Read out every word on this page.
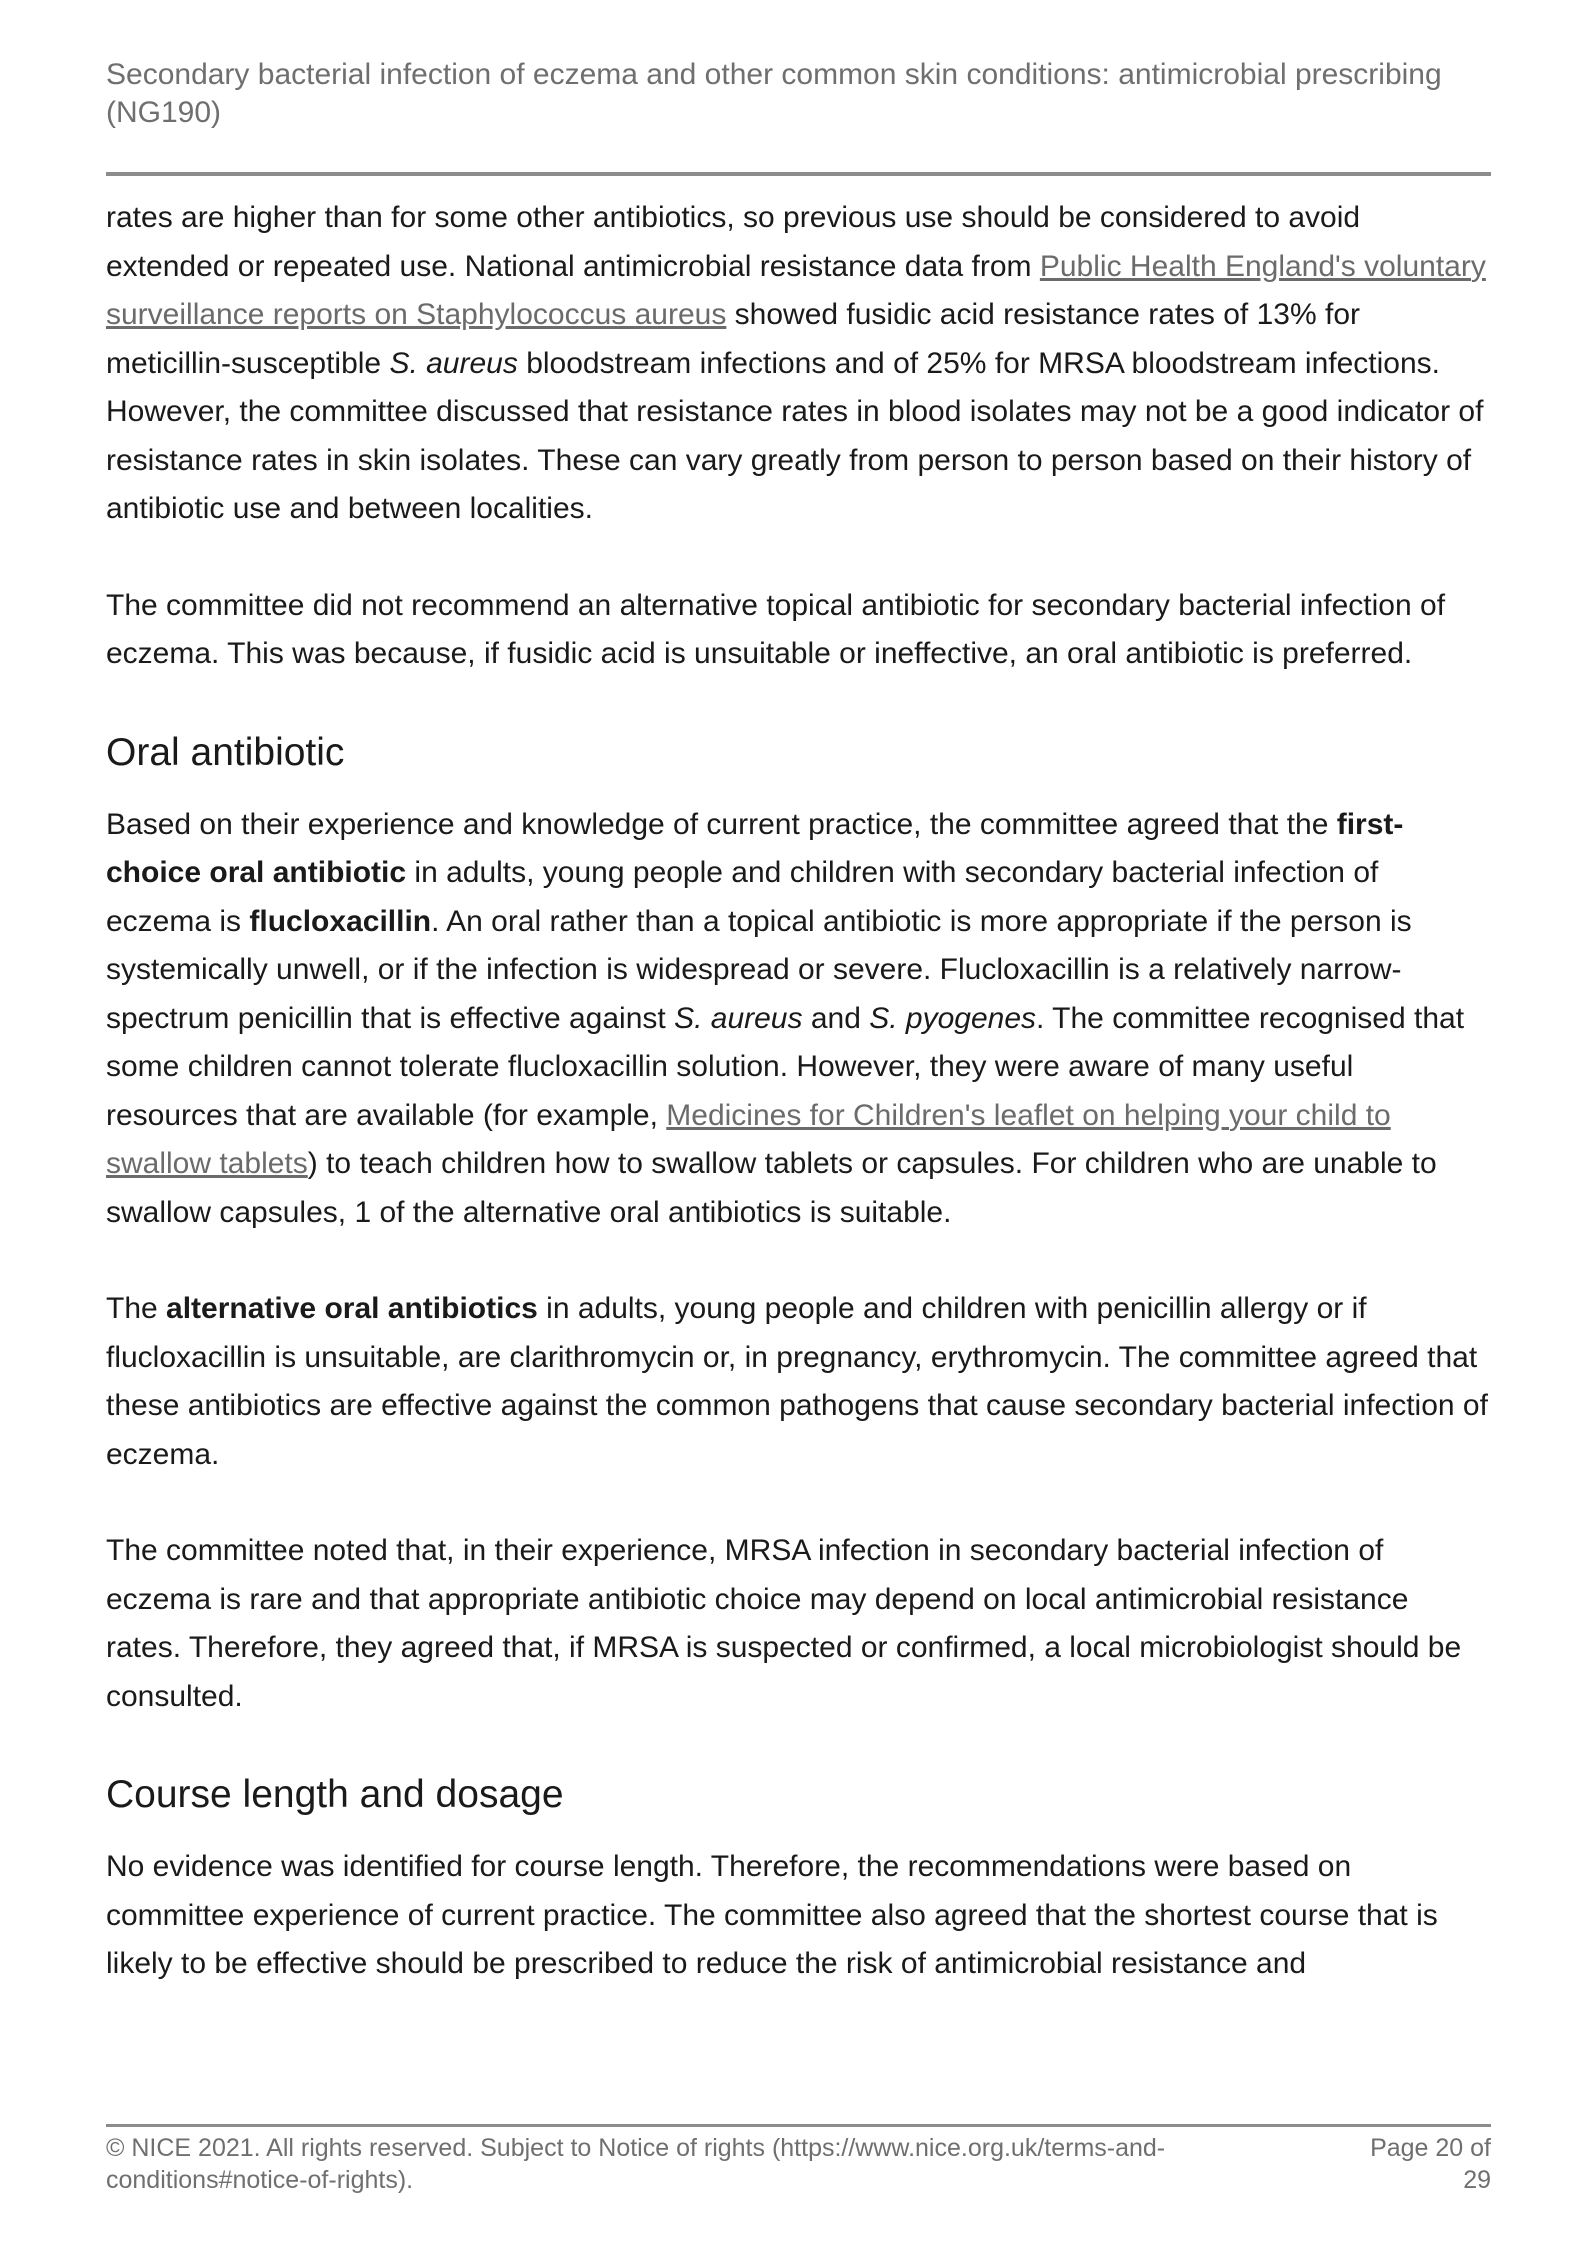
Secondary bacterial infection of eczema and other common skin conditions: antimicrobial prescribing (NG190)

rates are higher than for some other antibiotics, so previous use should be considered to avoid extended or repeated use. National antimicrobial resistance data from Public Health England's voluntary surveillance reports on Staphylococcus aureus showed fusidic acid resistance rates of 13% for meticillin-susceptible S. aureus bloodstream infections and of 25% for MRSA bloodstream infections. However, the committee discussed that resistance rates in blood isolates may not be a good indicator of resistance rates in skin isolates. These can vary greatly from person to person based on their history of antibiotic use and between localities.

The committee did not recommend an alternative topical antibiotic for secondary bacterial infection of eczema. This was because, if fusidic acid is unsuitable or ineffective, an oral antibiotic is preferred.

Oral antibiotic

Based on their experience and knowledge of current practice, the committee agreed that the first-choice oral antibiotic in adults, young people and children with secondary bacterial infection of eczema is flucloxacillin. An oral rather than a topical antibiotic is more appropriate if the person is systemically unwell, or if the infection is widespread or severe. Flucloxacillin is a relatively narrow-spectrum penicillin that is effective against S. aureus and S. pyogenes. The committee recognised that some children cannot tolerate flucloxacillin solution. However, they were aware of many useful resources that are available (for example, Medicines for Children's leaflet on helping your child to swallow tablets) to teach children how to swallow tablets or capsules. For children who are unable to swallow capsules, 1 of the alternative oral antibiotics is suitable.

The alternative oral antibiotics in adults, young people and children with penicillin allergy or if flucloxacillin is unsuitable, are clarithromycin or, in pregnancy, erythromycin. The committee agreed that these antibiotics are effective against the common pathogens that cause secondary bacterial infection of eczema.

The committee noted that, in their experience, MRSA infection in secondary bacterial infection of eczema is rare and that appropriate antibiotic choice may depend on local antimicrobial resistance rates. Therefore, they agreed that, if MRSA is suspected or confirmed, a local microbiologist should be consulted.

Course length and dosage

No evidence was identified for course length. Therefore, the recommendations were based on committee experience of current practice. The committee also agreed that the shortest course that is likely to be effective should be prescribed to reduce the risk of antimicrobial resistance and

© NICE 2021. All rights reserved. Subject to Notice of rights (https://www.nice.org.uk/terms-and-conditions#notice-of-rights).
Page 20 of 29
